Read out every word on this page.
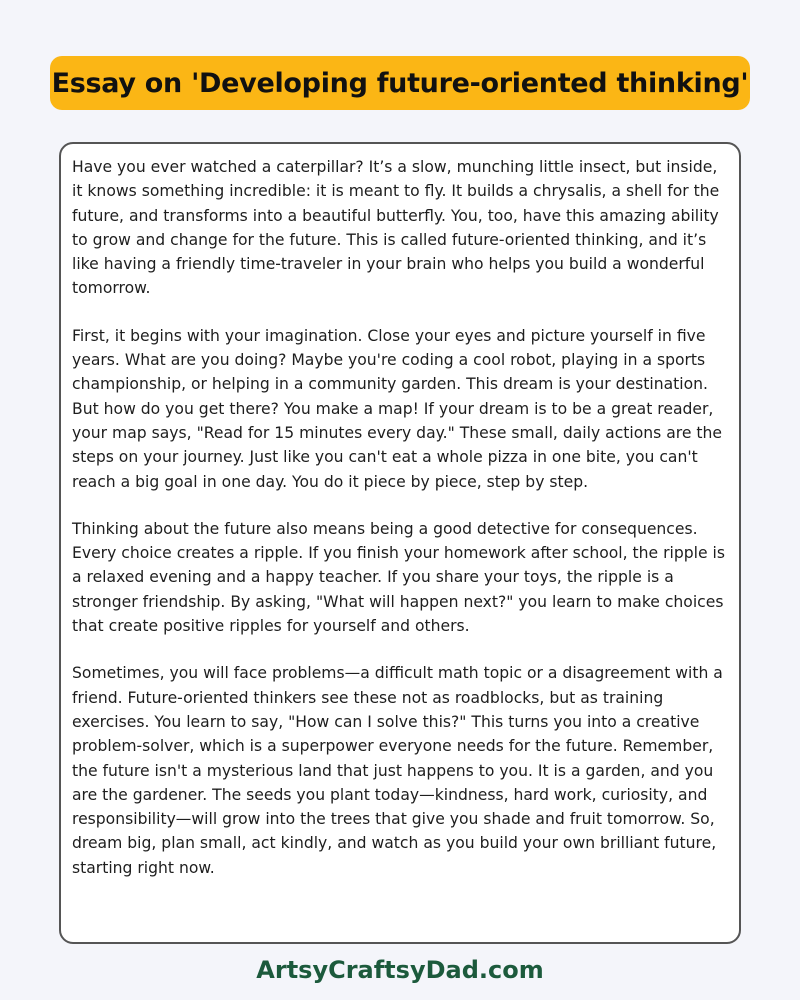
Essay on 'Developing future-oriented thinking'

Have you ever watched a caterpillar? It’s a slow, munching little insect, but inside, it knows something incredible: it is meant to fly. It builds a chrysalis, a shell for the future, and transforms into a beautiful butterfly. You, too, have this amazing ability to grow and change for the future. This is called future-oriented thinking, and it’s like having a friendly time-traveler in your brain who helps you build a wonderful tomorrow.

First, it begins with your imagination. Close your eyes and picture yourself in five years. What are you doing? Maybe you're coding a cool robot, playing in a sports championship, or helping in a community garden. This dream is your destination. But how do you get there? You make a map! If your dream is to be a great reader, your map says, "Read for 15 minutes every day." These small, daily actions are the steps on your journey. Just like you can't eat a whole pizza in one bite, you can't reach a big goal in one day. You do it piece by piece, step by step.

Thinking about the future also means being a good detective for consequences. Every choice creates a ripple. If you finish your homework after school, the ripple is a relaxed evening and a happy teacher. If you share your toys, the ripple is a stronger friendship. By asking, "What will happen next?" you learn to make choices that create positive ripples for yourself and others.

Sometimes, you will face problems—a difficult math topic or a disagreement with a friend. Future-oriented thinkers see these not as roadblocks, but as training exercises. You learn to say, "How can I solve this?" This turns you into a creative problem-solver, which is a superpower everyone needs for the future. Remember, the future isn't a mysterious land that just happens to you. It is a garden, and you are the gardener. The seeds you plant today—kindness, hard work, curiosity, and responsibility—will grow into the trees that give you shade and fruit tomorrow. So, dream big, plan small, act kindly, and watch as you build your own brilliant future, starting right now.

ArtsyCraftsyDad.com
